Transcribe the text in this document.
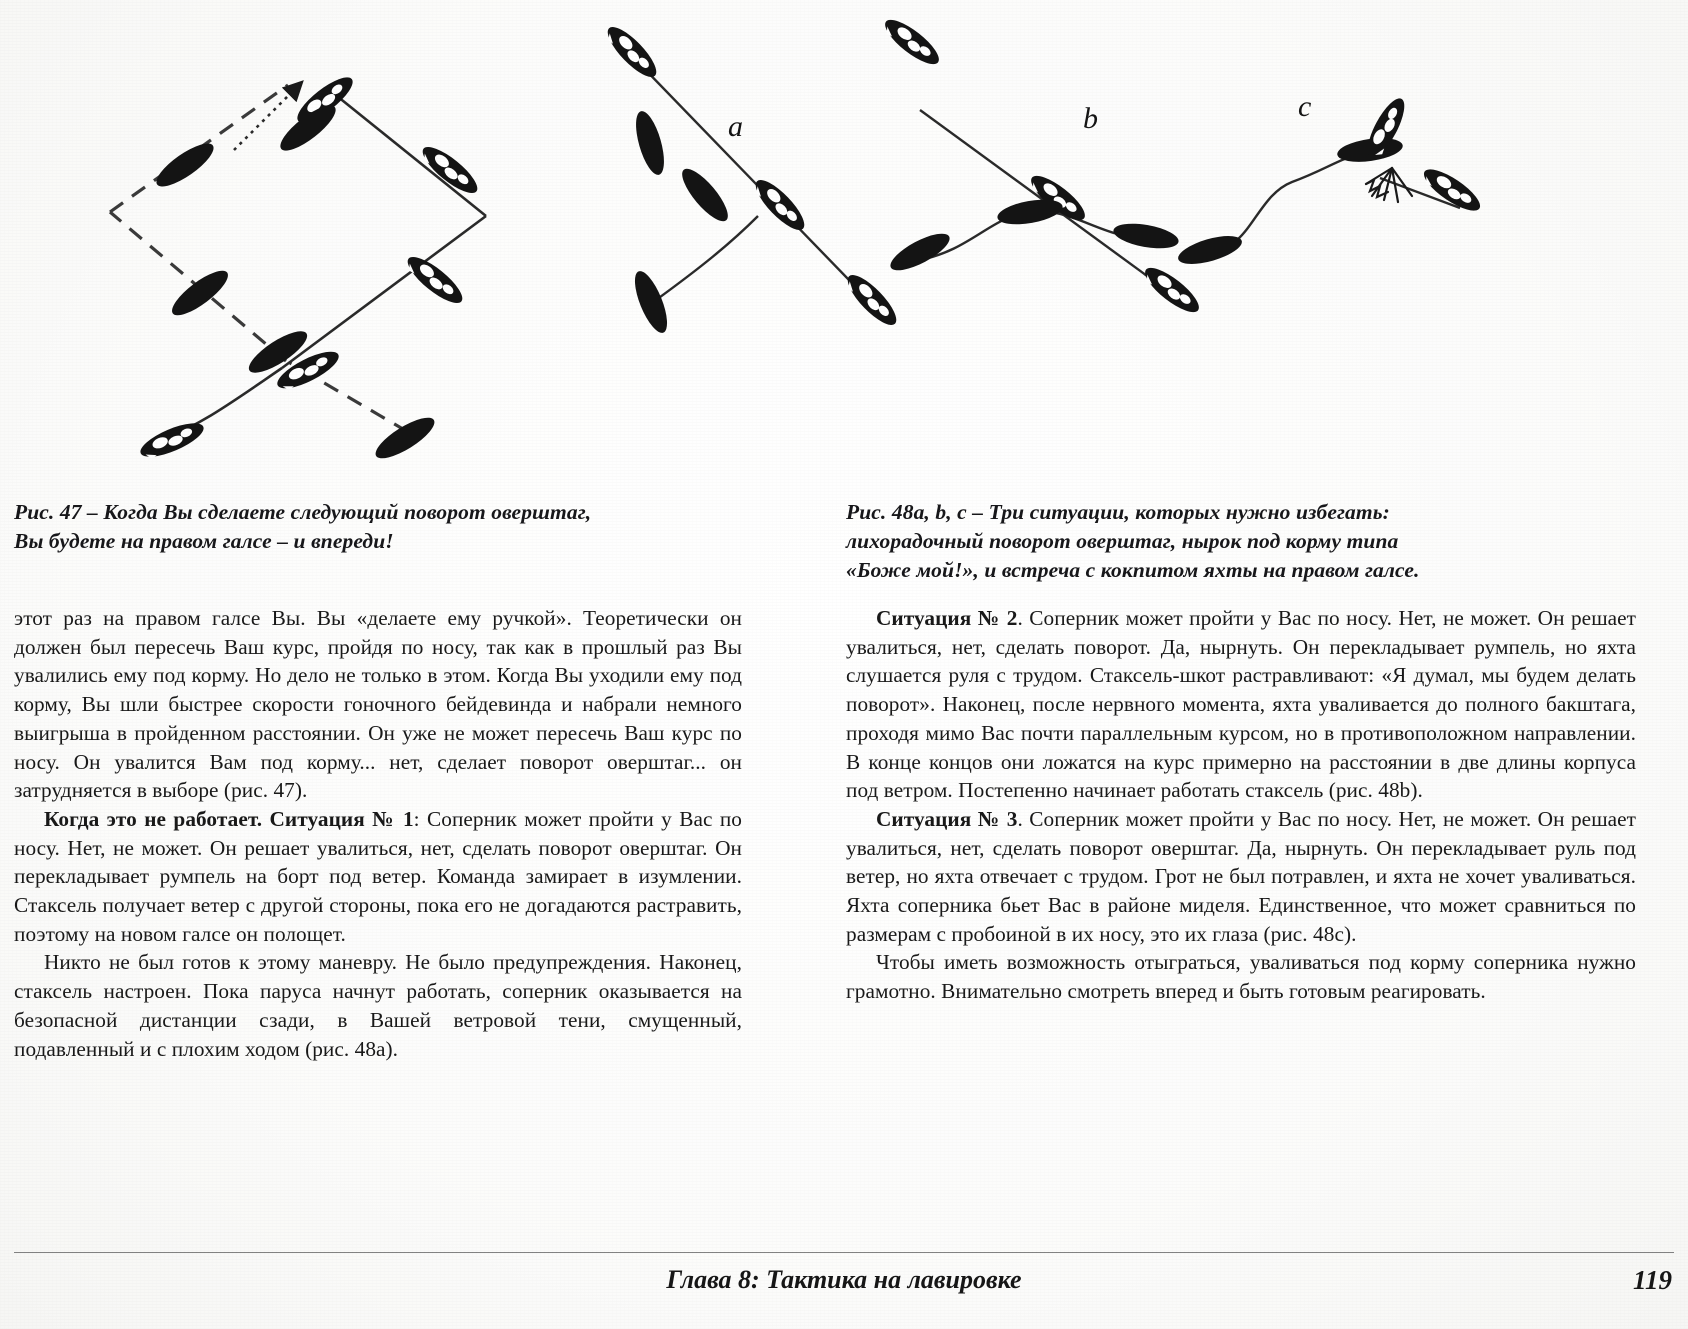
a	b	c
Рис. 47 – Когда Вы сделаете следующий поворот оверштаг,
Вы будете на правом галсе – и впереди!
Рис. 48a, b, c – Три ситуации, которых нужно избегать:
лихорадочный поворот оверштаг, нырок под корму типа
«Боже мой!», и встреча с кокпитом яхты на правом галсе.

этот раз на правом галсе Вы. Вы «делаете ему ручкой». Теоретически он должен был пересечь Ваш курс, пройдя по носу, так как в прошлый раз Вы увалились ему под корму. Но дело не только в этом. Когда Вы уходили ему под корму, Вы шли быстрее скорости гоночного бейдевинда и набрали немного выигрыша в пройденном расстоянии. Он уже не может пересечь Ваш курс по носу. Он увалится Вам под корму... нет, сделает поворот оверштаг... он затрудняется в выборе (рис. 47).

Когда это не работает. Ситуация № 1: Соперник может пройти у Вас по носу. Нет, не может. Он решает увалиться, нет, сделать поворот оверштаг. Он перекладывает румпель на борт под ветер. Команда замирает в изумлении. Стаксель получает ветер с другой стороны, пока его не догадаются растравить, поэтому на новом галсе он полощет.

Никто не был готов к этому маневру. Не было предупреждения. Наконец, стаксель настроен. Пока паруса начнут работать, соперник оказывается на безопасной дистанции сзади, в Вашей ветровой тени, смущенный, подавленный и с плохим ходом (рис. 48a).

Ситуация № 2. Соперник может пройти у Вас по носу. Нет, не может. Он решает увалиться, нет, сделать поворот. Да, нырнуть. Он перекладывает румпель, но яхта слушается руля с трудом. Стаксель-шкот растравливают: «Я думал, мы будем делать поворот». Наконец, после нервного момента, яхта уваливается до полного бакштага, проходя мимо Вас почти параллельным курсом, но в противоположном направлении. В конце концов они ложатся на курс примерно на расстоянии в две длины корпуса под ветром. Постепенно начинает работать стаксель (рис. 48b).

Ситуация № 3. Соперник может пройти у Вас по носу. Нет, не может. Он решает увалиться, нет, сделать поворот оверштаг. Да, нырнуть. Он перекладывает руль под ветер, но яхта отвечает с трудом. Грот не был потравлен, и яхта не хочет уваливаться. Яхта соперника бьет Вас в районе миделя. Единственное, что может сравниться по размерам с пробоиной в их носу, это их глаза (рис. 48c).

Чтобы иметь возможность отыграться, уваливаться под корму соперника нужно грамотно. Внимательно смотреть вперед и быть готовым реагировать.

Глава 8: Тактика на лавировке	119
